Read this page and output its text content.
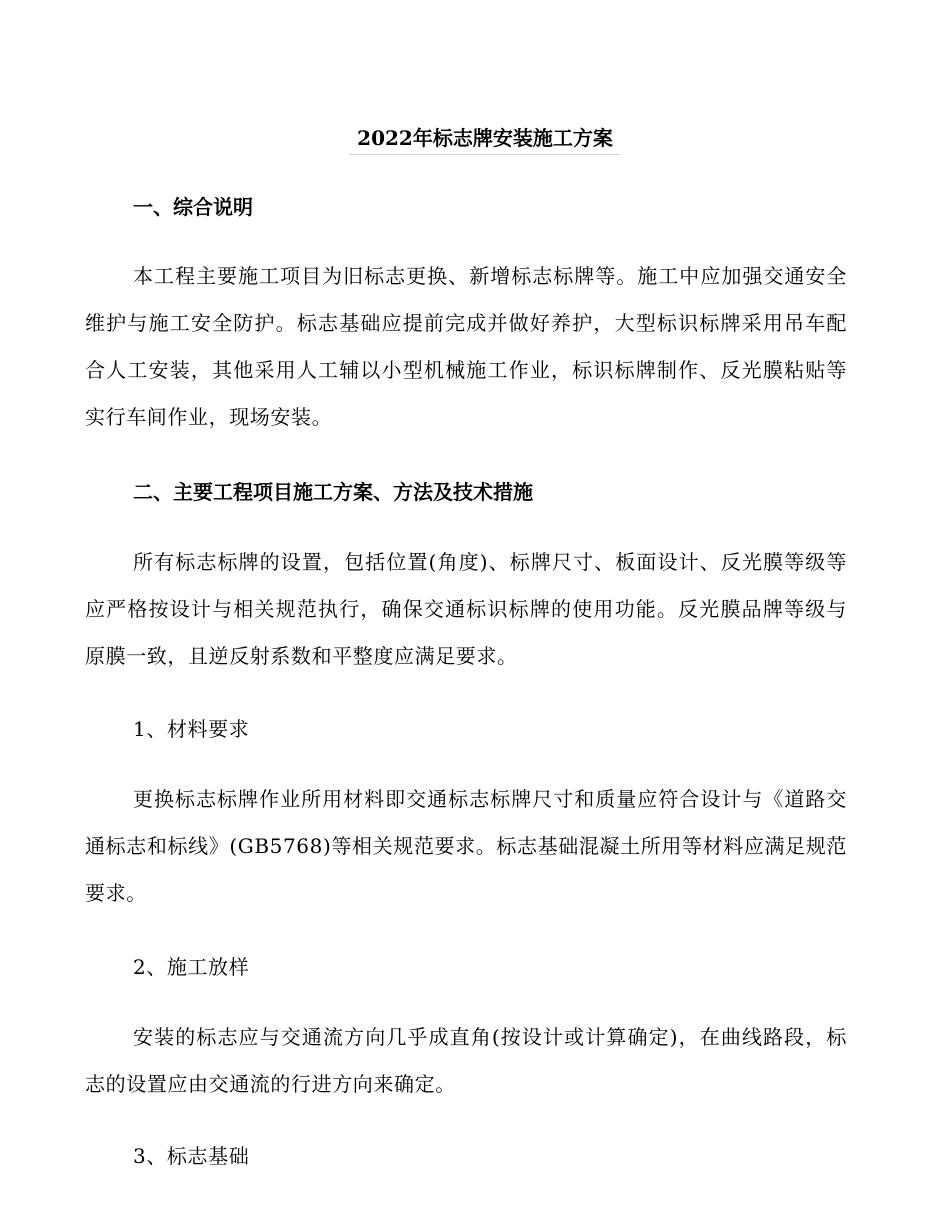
2022年标志牌安装施工方案
一、综合说明
本工程主要施工项目为旧标志更换、新增标志标牌等。施工中应加强交通安全维护与施工安全防护。标志基础应提前完成并做好养护，大型标识标牌采用吊车配合人工安装，其他采用人工辅以小型机械施工作业，标识标牌制作、反光膜粘贴等实行车间作业，现场安装。
二、主要工程项目施工方案、方法及技术措施
所有标志标牌的设置，包括位置(角度)、标牌尺寸、板面设计、反光膜等级等应严格按设计与相关规范执行，确保交通标识标牌的使用功能。反光膜品牌等级与原膜一致，且逆反射系数和平整度应满足要求。
1、材料要求
更换标志标牌作业所用材料即交通标志标牌尺寸和质量应符合设计与《道路交通标志和标线》(GB5768)等相关规范要求。标志基础混凝土所用等材料应满足规范要求。
2、施工放样
安装的标志应与交通流方向几乎成直角(按设计或计算确定)，在曲线路段，标志的设置应由交通流的行进方向来确定。
3、标志基础
